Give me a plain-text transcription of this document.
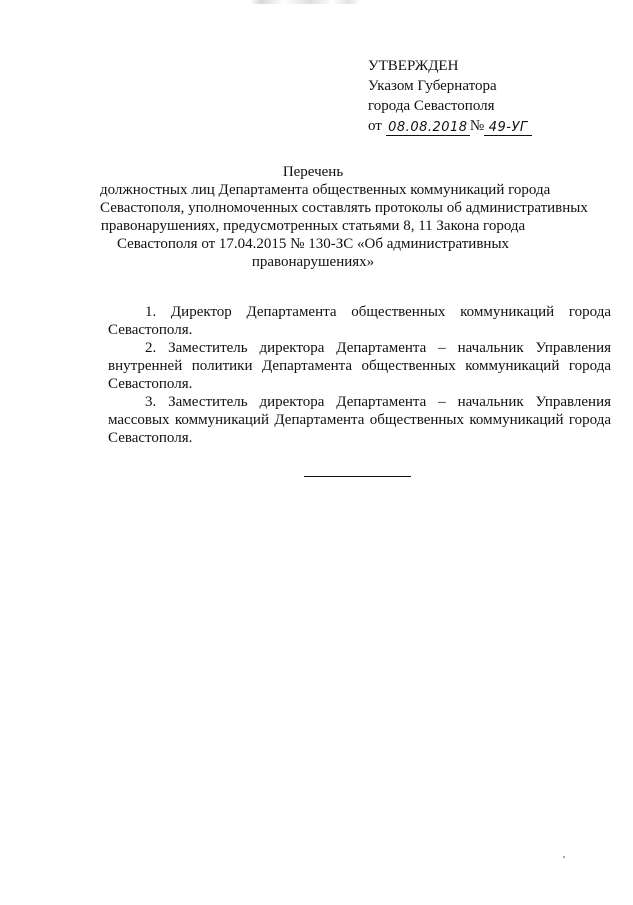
УТВЕРЖДЕН
Указом Губернатора
города Севастополя
от 08.08.2018 № 49-УГ
Перечень
должностных лиц Департамента общественных коммуникаций города
Севастополя, уполномоченных составлять протоколы об административных
правонарушениях, предусмотренных статьями 8, 11 Закона города
Севастополя от 17.04.2015 № 130-ЗС «Об административных
правонарушениях»

1. Директор Департамента общественных коммуникаций города Севастополя.

2. Заместитель директора Департамента – начальник Управления внутренней политики Департамента общественных коммуникаций города Севастополя.

3. Заместитель директора Департамента – начальник Управления массовых коммуникаций Департамента общественных коммуникаций города Севастополя.
